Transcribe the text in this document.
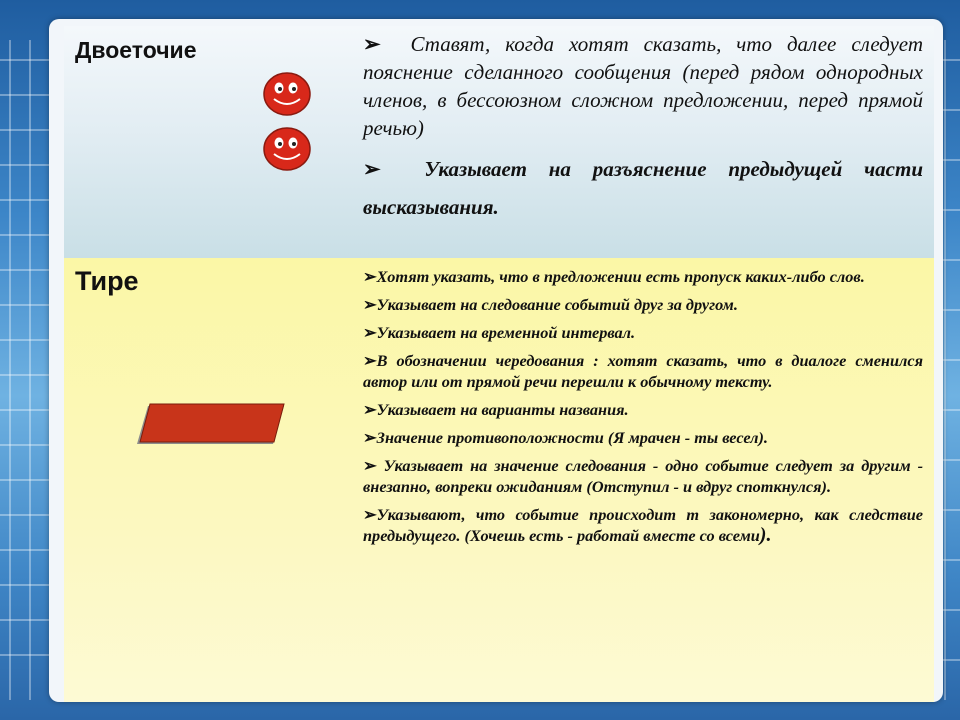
Двоеточие
Тире

➢ Ставят, когда хотят сказать, что далее следует пояснение сделанного сообщения (перед рядом однородных членов, в бессоюзном сложном предложении, перед прямой речью)

➢ Указывает на разъяснение предыдущей части высказывания.

➢Хотят указать, что в предложении есть пропуск каких-либо слов.

➢Указывает на следование событий друг за другом.

➢Указывает на временной интервал.

➢В обозначении чередования : хотят сказать, что в диалоге сменился автор или от прямой речи перешли к обычному тексту.

➢Указывает на варианты названия.

➢Значение противоположности (Я мрачен - ты весел).

➢ Указывает на значение следования - одно событие следует за другим - внезапно, вопреки ожиданиям (Отступил - и вдруг споткнулся).

➢Указывают, что событие происходит т закономерно, как следствие предыдущего. (Хочешь есть - работай вместе со всеми).
